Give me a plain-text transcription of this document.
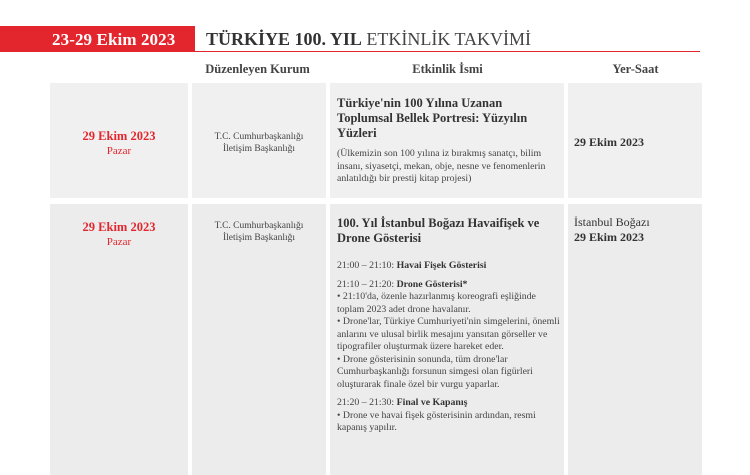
23-29 Ekim 2023 TÜRKİYE 100. YIL ETKİNLİK TAKVİMİ
Düzenleyen Kurum	Etkinlik İsmi	Yer-Saat
29 Ekim 2023
Pazar
T.C. Cumhurbaşkanlığı
İletişim Başkanlığı
Türkiye'nin 100 Yılına Uzanan Toplumsal Bellek Portresi: Yüzyılın Yüzleri
(Ülkemizin son 100 yılına iz bırakmış sanatçı, bilim insanı, siyasetçi, mekan, obje, nesne ve fenomenlerin anlatıldığı bir prestij kitap projesi)
29 Ekim 2023
29 Ekim 2023
Pazar
T.C. Cumhurbaşkanlığı
İletişim Başkanlığı
100. Yıl İstanbul Boğazı Havaifişek ve Drone Gösterisi
İstanbul Boğazı
29 Ekim 2023

21:00 – 21:10: Havai Fişek Gösterisi

21:10 – 21:20: Drone Gösterisi*

• 21:10'da, özenle hazırlanmış koreografi eşliğinde toplam 2023 adet drone havalanır.

• Drone'lar, Türkiye Cumhuriyeti'nin simgelerini, önemli anlarını ve ulusal birlik mesajını yansıtan görseller ve tipografiler oluşturmak üzere hareket eder.

• Drone gösterisinin sonunda, tüm drone'lar Cumhurbaşkanlığı forsunun simgesi olan figürleri oluşturarak finale özel bir vurgu yaparlar.

21:20 – 21:30: Final ve Kapanış

• Drone ve havai fişek gösterisinin ardından, resmi kapanış yapılır.
